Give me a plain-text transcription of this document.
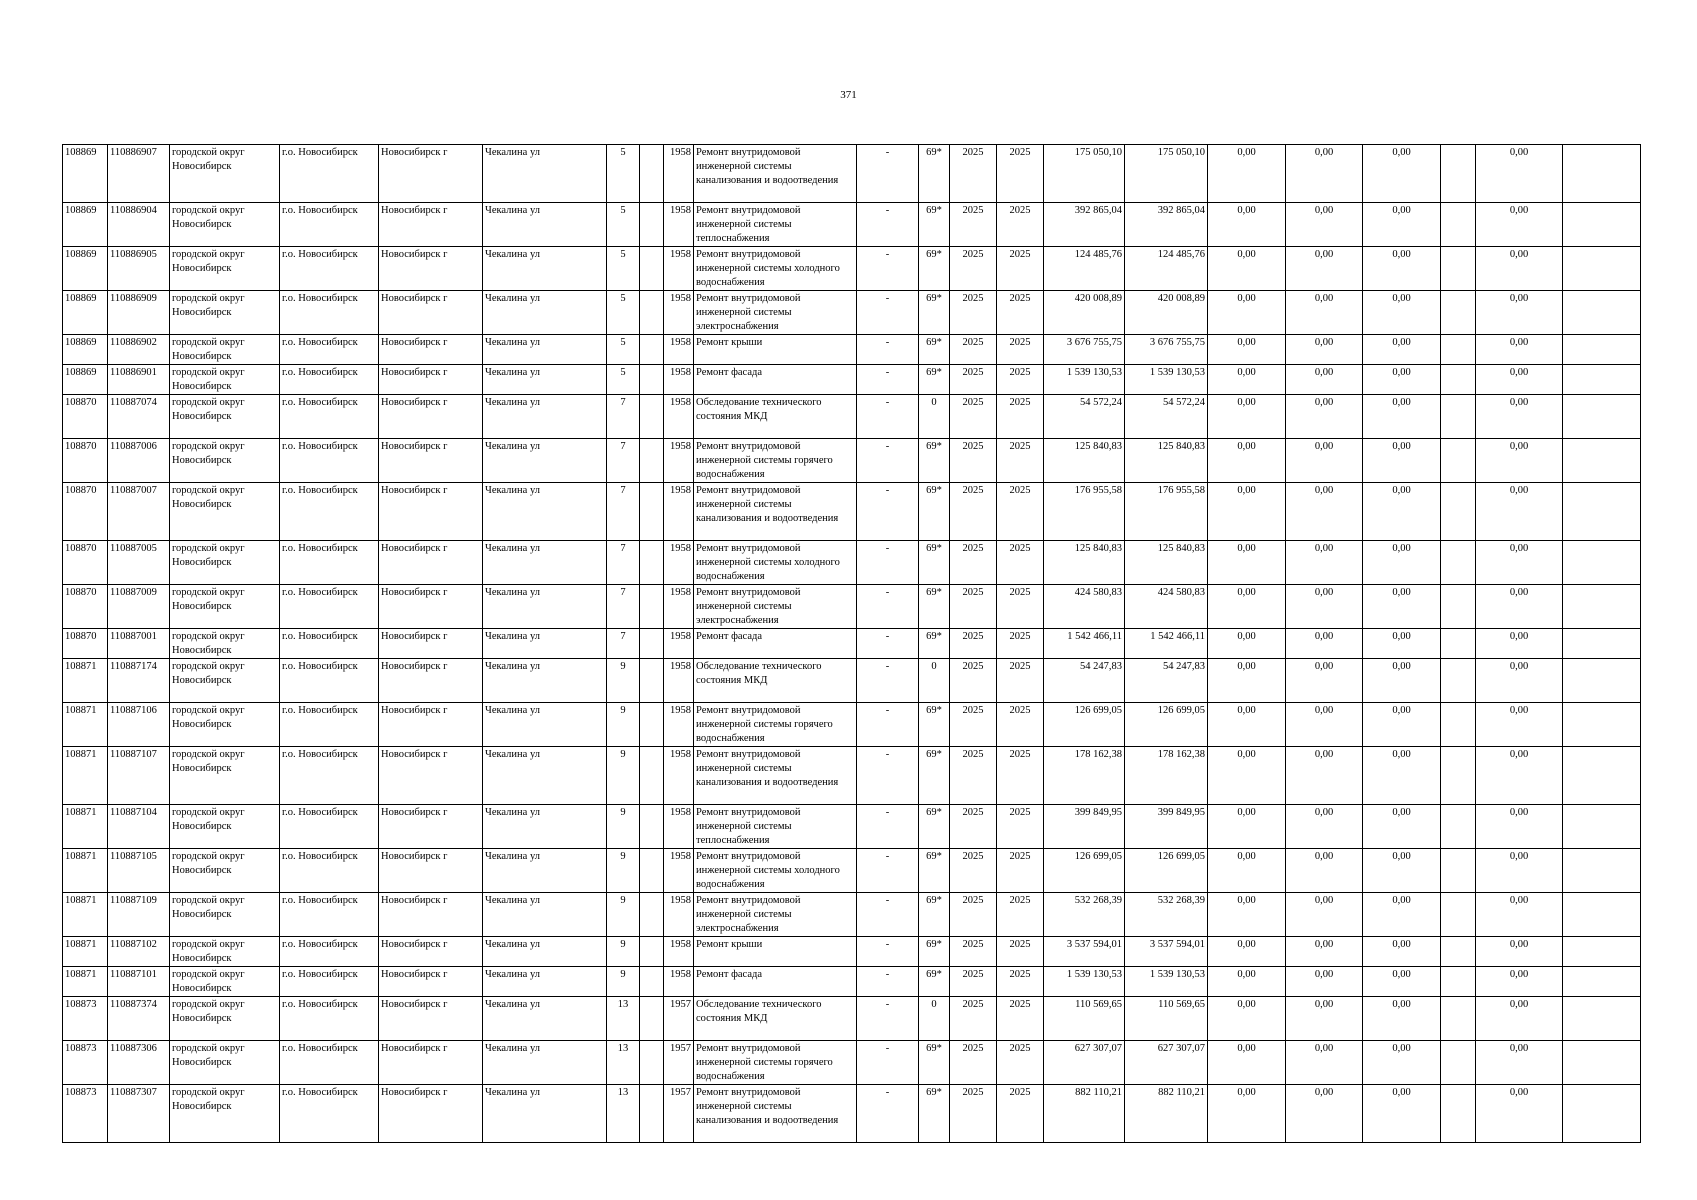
371
108869	110886907	городской округ Новосибирск	г.о. Новосибирск	Новосибирск г	Чекалина ул	5		1958	Ремонт внутридомовой инженерной системы канализования и водоотведения	-	69*	2025	2025	175 050,10	175 050,10	0,00	0,00	0,00		0,00	
108869	110886904	городской округ Новосибирск	г.о. Новосибирск	Новосибирск г	Чекалина ул	5		1958	Ремонт внутридомовой инженерной системы теплоснабжения	-	69*	2025	2025	392 865,04	392 865,04	0,00	0,00	0,00		0,00	
108869	110886905	городской округ Новосибирск	г.о. Новосибирск	Новосибирск г	Чекалина ул	5		1958	Ремонт внутридомовой инженерной системы холодного водоснабжения	-	69*	2025	2025	124 485,76	124 485,76	0,00	0,00	0,00		0,00	
108869	110886909	городской округ Новосибирск	г.о. Новосибирск	Новосибирск г	Чекалина ул	5		1958	Ремонт внутридомовой инженерной системы электроснабжения	-	69*	2025	2025	420 008,89	420 008,89	0,00	0,00	0,00		0,00	
108869	110886902	городской округ Новосибирск	г.о. Новосибирск	Новосибирск г	Чекалина ул	5		1958	Ремонт крыши	-	69*	2025	2025	3 676 755,75	3 676 755,75	0,00	0,00	0,00		0,00	
108869	110886901	городской округ Новосибирск	г.о. Новосибирск	Новосибирск г	Чекалина ул	5		1958	Ремонт фасада	-	69*	2025	2025	1 539 130,53	1 539 130,53	0,00	0,00	0,00		0,00	
108870	110887074	городской округ Новосибирск	г.о. Новосибирск	Новосибирск г	Чекалина ул	7		1958	Обследование технического состояния МКД	-	0	2025	2025	54 572,24	54 572,24	0,00	0,00	0,00		0,00	
108870	110887006	городской округ Новосибирск	г.о. Новосибирск	Новосибирск г	Чекалина ул	7		1958	Ремонт внутридомовой инженерной системы горячего водоснабжения	-	69*	2025	2025	125 840,83	125 840,83	0,00	0,00	0,00		0,00	
108870	110887007	городской округ Новосибирск	г.о. Новосибирск	Новосибирск г	Чекалина ул	7		1958	Ремонт внутридомовой инженерной системы канализования и водоотведения	-	69*	2025	2025	176 955,58	176 955,58	0,00	0,00	0,00		0,00	
108870	110887005	городской округ Новосибирск	г.о. Новосибирск	Новосибирск г	Чекалина ул	7		1958	Ремонт внутридомовой инженерной системы холодного водоснабжения	-	69*	2025	2025	125 840,83	125 840,83	0,00	0,00	0,00		0,00	
108870	110887009	городской округ Новосибирск	г.о. Новосибирск	Новосибирск г	Чекалина ул	7		1958	Ремонт внутридомовой инженерной системы электроснабжения	-	69*	2025	2025	424 580,83	424 580,83	0,00	0,00	0,00		0,00	
108870	110887001	городской округ Новосибирск	г.о. Новосибирск	Новосибирск г	Чекалина ул	7		1958	Ремонт фасада	-	69*	2025	2025	1 542 466,11	1 542 466,11	0,00	0,00	0,00		0,00	
108871	110887174	городской округ Новосибирск	г.о. Новосибирск	Новосибирск г	Чекалина ул	9		1958	Обследование технического состояния МКД	-	0	2025	2025	54 247,83	54 247,83	0,00	0,00	0,00		0,00	
108871	110887106	городской округ Новосибирск	г.о. Новосибирск	Новосибирск г	Чекалина ул	9		1958	Ремонт внутридомовой инженерной системы горячего водоснабжения	-	69*	2025	2025	126 699,05	126 699,05	0,00	0,00	0,00		0,00	
108871	110887107	городской округ Новосибирск	г.о. Новосибирск	Новосибирск г	Чекалина ул	9		1958	Ремонт внутридомовой инженерной системы канализования и водоотведения	-	69*	2025	2025	178 162,38	178 162,38	0,00	0,00	0,00		0,00	
108871	110887104	городской округ Новосибирск	г.о. Новосибирск	Новосибирск г	Чекалина ул	9		1958	Ремонт внутридомовой инженерной системы теплоснабжения	-	69*	2025	2025	399 849,95	399 849,95	0,00	0,00	0,00		0,00	
108871	110887105	городской округ Новосибирск	г.о. Новосибирск	Новосибирск г	Чекалина ул	9		1958	Ремонт внутридомовой инженерной системы холодного водоснабжения	-	69*	2025	2025	126 699,05	126 699,05	0,00	0,00	0,00		0,00	
108871	110887109	городской округ Новосибирск	г.о. Новосибирск	Новосибирск г	Чекалина ул	9		1958	Ремонт внутридомовой инженерной системы электроснабжения	-	69*	2025	2025	532 268,39	532 268,39	0,00	0,00	0,00		0,00	
108871	110887102	городской округ Новосибирск	г.о. Новосибирск	Новосибирск г	Чекалина ул	9		1958	Ремонт крыши	-	69*	2025	2025	3 537 594,01	3 537 594,01	0,00	0,00	0,00		0,00	
108871	110887101	городской округ Новосибирск	г.о. Новосибирск	Новосибирск г	Чекалина ул	9		1958	Ремонт фасада	-	69*	2025	2025	1 539 130,53	1 539 130,53	0,00	0,00	0,00		0,00	
108873	110887374	городской округ Новосибирск	г.о. Новосибирск	Новосибирск г	Чекалина ул	13		1957	Обследование технического состояния МКД	-	0	2025	2025	110 569,65	110 569,65	0,00	0,00	0,00		0,00	
108873	110887306	городской округ Новосибирск	г.о. Новосибирск	Новосибирск г	Чекалина ул	13		1957	Ремонт внутридомовой инженерной системы горячего водоснабжения	-	69*	2025	2025	627 307,07	627 307,07	0,00	0,00	0,00		0,00	
108873	110887307	городской округ Новосибирск	г.о. Новосибирск	Новосибирск г	Чекалина ул	13		1957	Ремонт внутридомовой инженерной системы канализования и водоотведения	-	69*	2025	2025	882 110,21	882 110,21	0,00	0,00	0,00		0,00	
